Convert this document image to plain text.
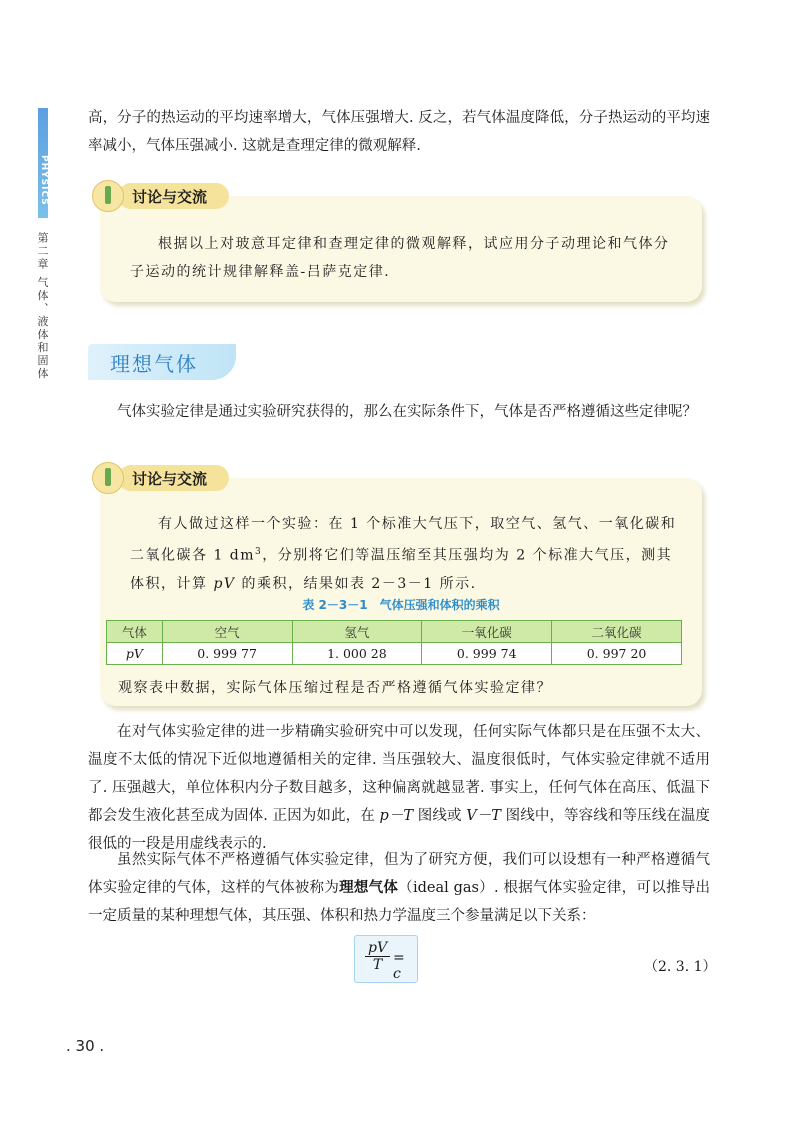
PHYSICS
第二章 气体、液体和固体

高，分子的热运动的平均速率增大，气体压强增大. 反之，若气体温度降低，分子热运动的平均速率减小，气体压强减小. 这就是查理定律的微观解释.

根据以上对玻意耳定律和查理定律的微观解释，试应用分子动理论和气体分子运动的统计规律解释盖-吕萨克定律.

讨论与交流
理想气体

气体实验定律是通过实验研究获得的，那么在实际条件下，气体是否严格遵循这些定律呢？

有人做过这样一个实验：在 1 个标准大气压下，取空气、氢气、一氧化碳和二氧化碳各 1 $dm^3$，分别将它们等温压缩至其压强均为 2 个标准大气压，测其体积，计算 pV 的乘积，结果如表 2－3－1 所示.

观察表中数据，实际气体压缩过程是否严格遵循气体实验定律？

讨论与交流
表 2－3－1　气体压强和体积的乘积
气体	空气	氢气	一氧化碳	二氧化碳
pV	0. 999 77	1. 000 28	0. 999 74	0. 997 20

在对气体实验定律的进一步精确实验研究中可以发现，任何实际气体都只是在压强不太大、温度不太低的情况下近似地遵循相关的定律. 当压强较大、温度很低时，气体实验定律就不适用了. 压强越大，单位体积内分子数目越多，这种偏离就越显著. 事实上，任何气体在高压、低温下都会发生液化甚至成为固体. 正因为如此，在 p－T 图线或 V－T 图线中，等容线和等压线在温度很低的一段是用虚线表示的.

虽然实际气体不严格遵循气体实验定律，但为了研究方便，我们可以设想有一种严格遵循气体实验定律的气体，这样的气体被称为理想气体（ideal gas）. 根据气体实验定律，可以推导出一定质量的某种理想气体，其压强、体积和热力学温度三个参量满足以下关系：

$\frac{pV}{T} = c$	（2. 3. 1）
. 30 .
